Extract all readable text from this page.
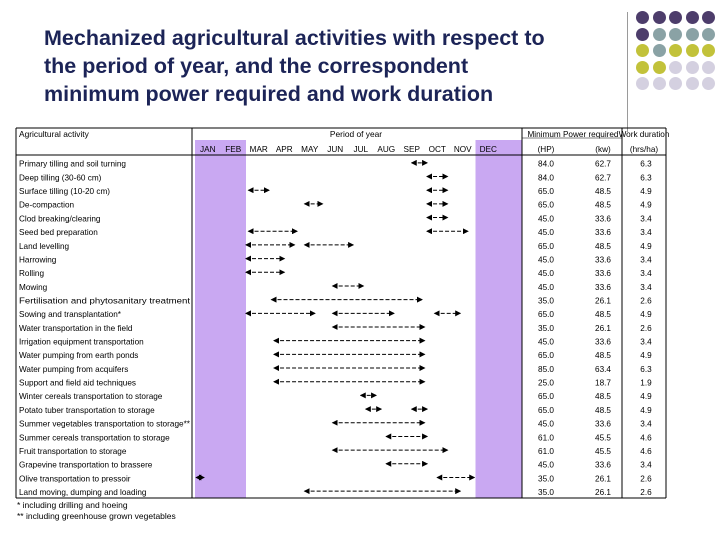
Mechanized agricultural activities with respect to
the period of year, and the correspondent
minimum power required and work duration
Agricultural activity	Period of year
JAN FEB MAR APR MAY JUN JUL AUG SEP OCT NOV DEC
Minimum Power required
(HP)	(kw)
Work duration
(hrs/ha)
Primary tilling and soil turning	84.0	62.7	6.3
Deep tilling (30-60 cm)	84.0	62.7	6.3
Surface tilling (10-20 cm)	65.0	48.5	4.9
De-compaction	65.0	48.5	4.9
Clod breaking/clearing	45.0	33.6	3.4
Seed bed preparation	45.0	33.6	3.4
Land levelling	65.0	48.5	4.9
Harrowing	45.0	33.6	3.4
Rolling	45.0	33.6	3.4
Mowing	45.0	33.6	3.4
Fertilisation and phytosanitary treatment	35.0	26.1	2.6
Sowing and transplantation*	65.0	48.5	4.9
Water transportation in the field	35.0	26.1	2.6
Irrigation equipment transportation	45.0	33.6	3.4
Water pumping from earth ponds	65.0	48.5	4.9
Water pumping from acquifers	85.0	63.4	6.3
Support and field aid techniques	25.0	18.7	1.9
Winter cereals transportation to storage	65.0	48.5	4.9
Potato tuber transportation to storage	65.0	48.5	4.9
Summer vegetables transportation to storage**	45.0	33.6	3.4
Summer cereals transportation to storage	61.0	45.5	4.6
Fruit transportation to storage	61.0	45.5	4.6
Grapevine transportation to brassere	45.0	33.6	3.4
Olive transportation to pressoir	35.0	26.1	2.6
Land moving, dumping and loading	35.0	26.1	2.6
* including drilling and hoeing
** including greenhouse grown vegetables
